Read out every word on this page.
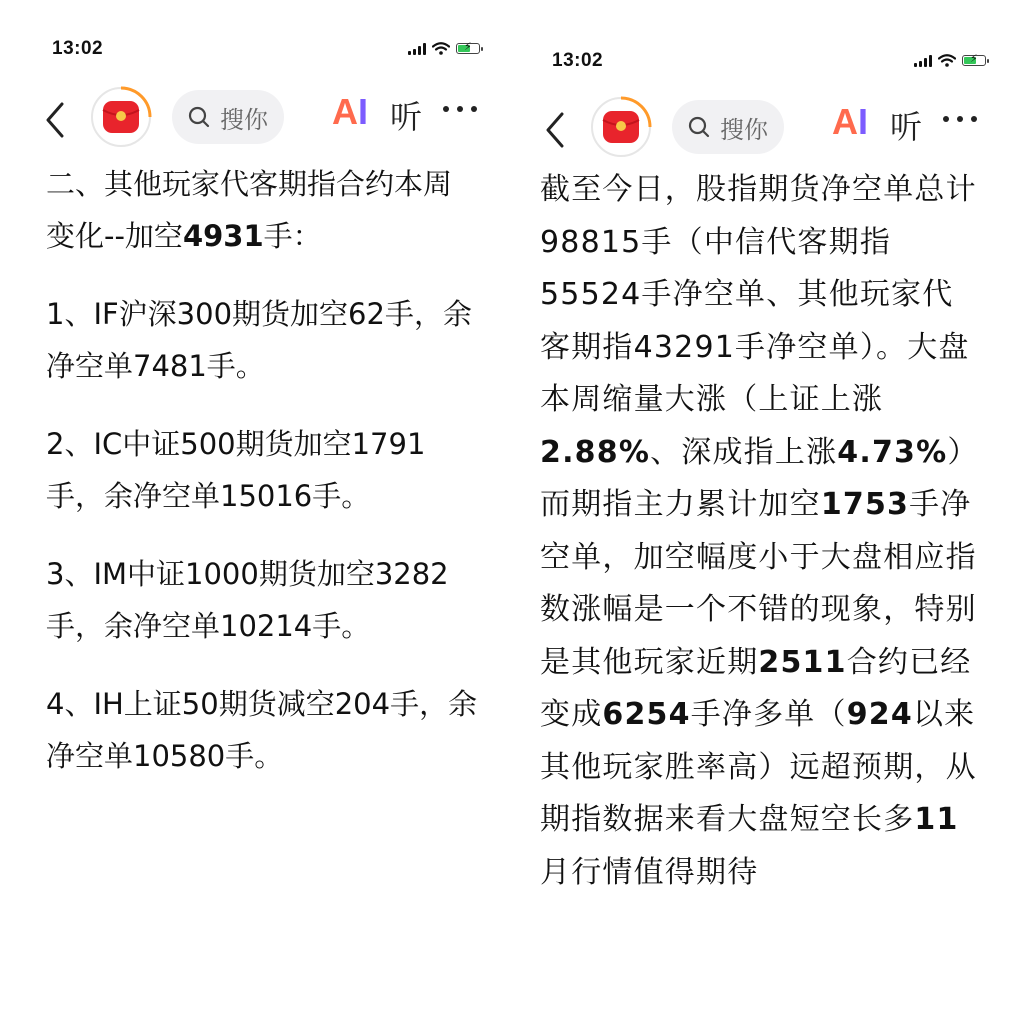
13:02	⚡
搜你 AI 听
13:02	⚡
搜你 AI 听

二、其他玩家代客期指合约本周变化--加空4931手：

1、IF沪深300期货加空62手，余净空单7481手。

2、IC中证500期货加空1791手，余净空单15016手。

3、IM中证1000期货加空3282手，余净空单10214手。

4、IH上证50期货减空204手，余净空单10580手。

截至今日，股指期货净空单总计98815手（中信代客期指55524手净空单、其他玩家代客期指43291手净空单）。大盘本周缩量大涨（上证上涨2.88%、深成指上涨4.73%）而期指主力累计加空1753手净空单，加空幅度小于大盘相应指数涨幅是一个不错的现象，特别是其他玩家近期2511合约已经变成6254手净多单（924以来其他玩家胜率高）远超预期，从期指数据来看大盘短空长多11月行情值得期待
